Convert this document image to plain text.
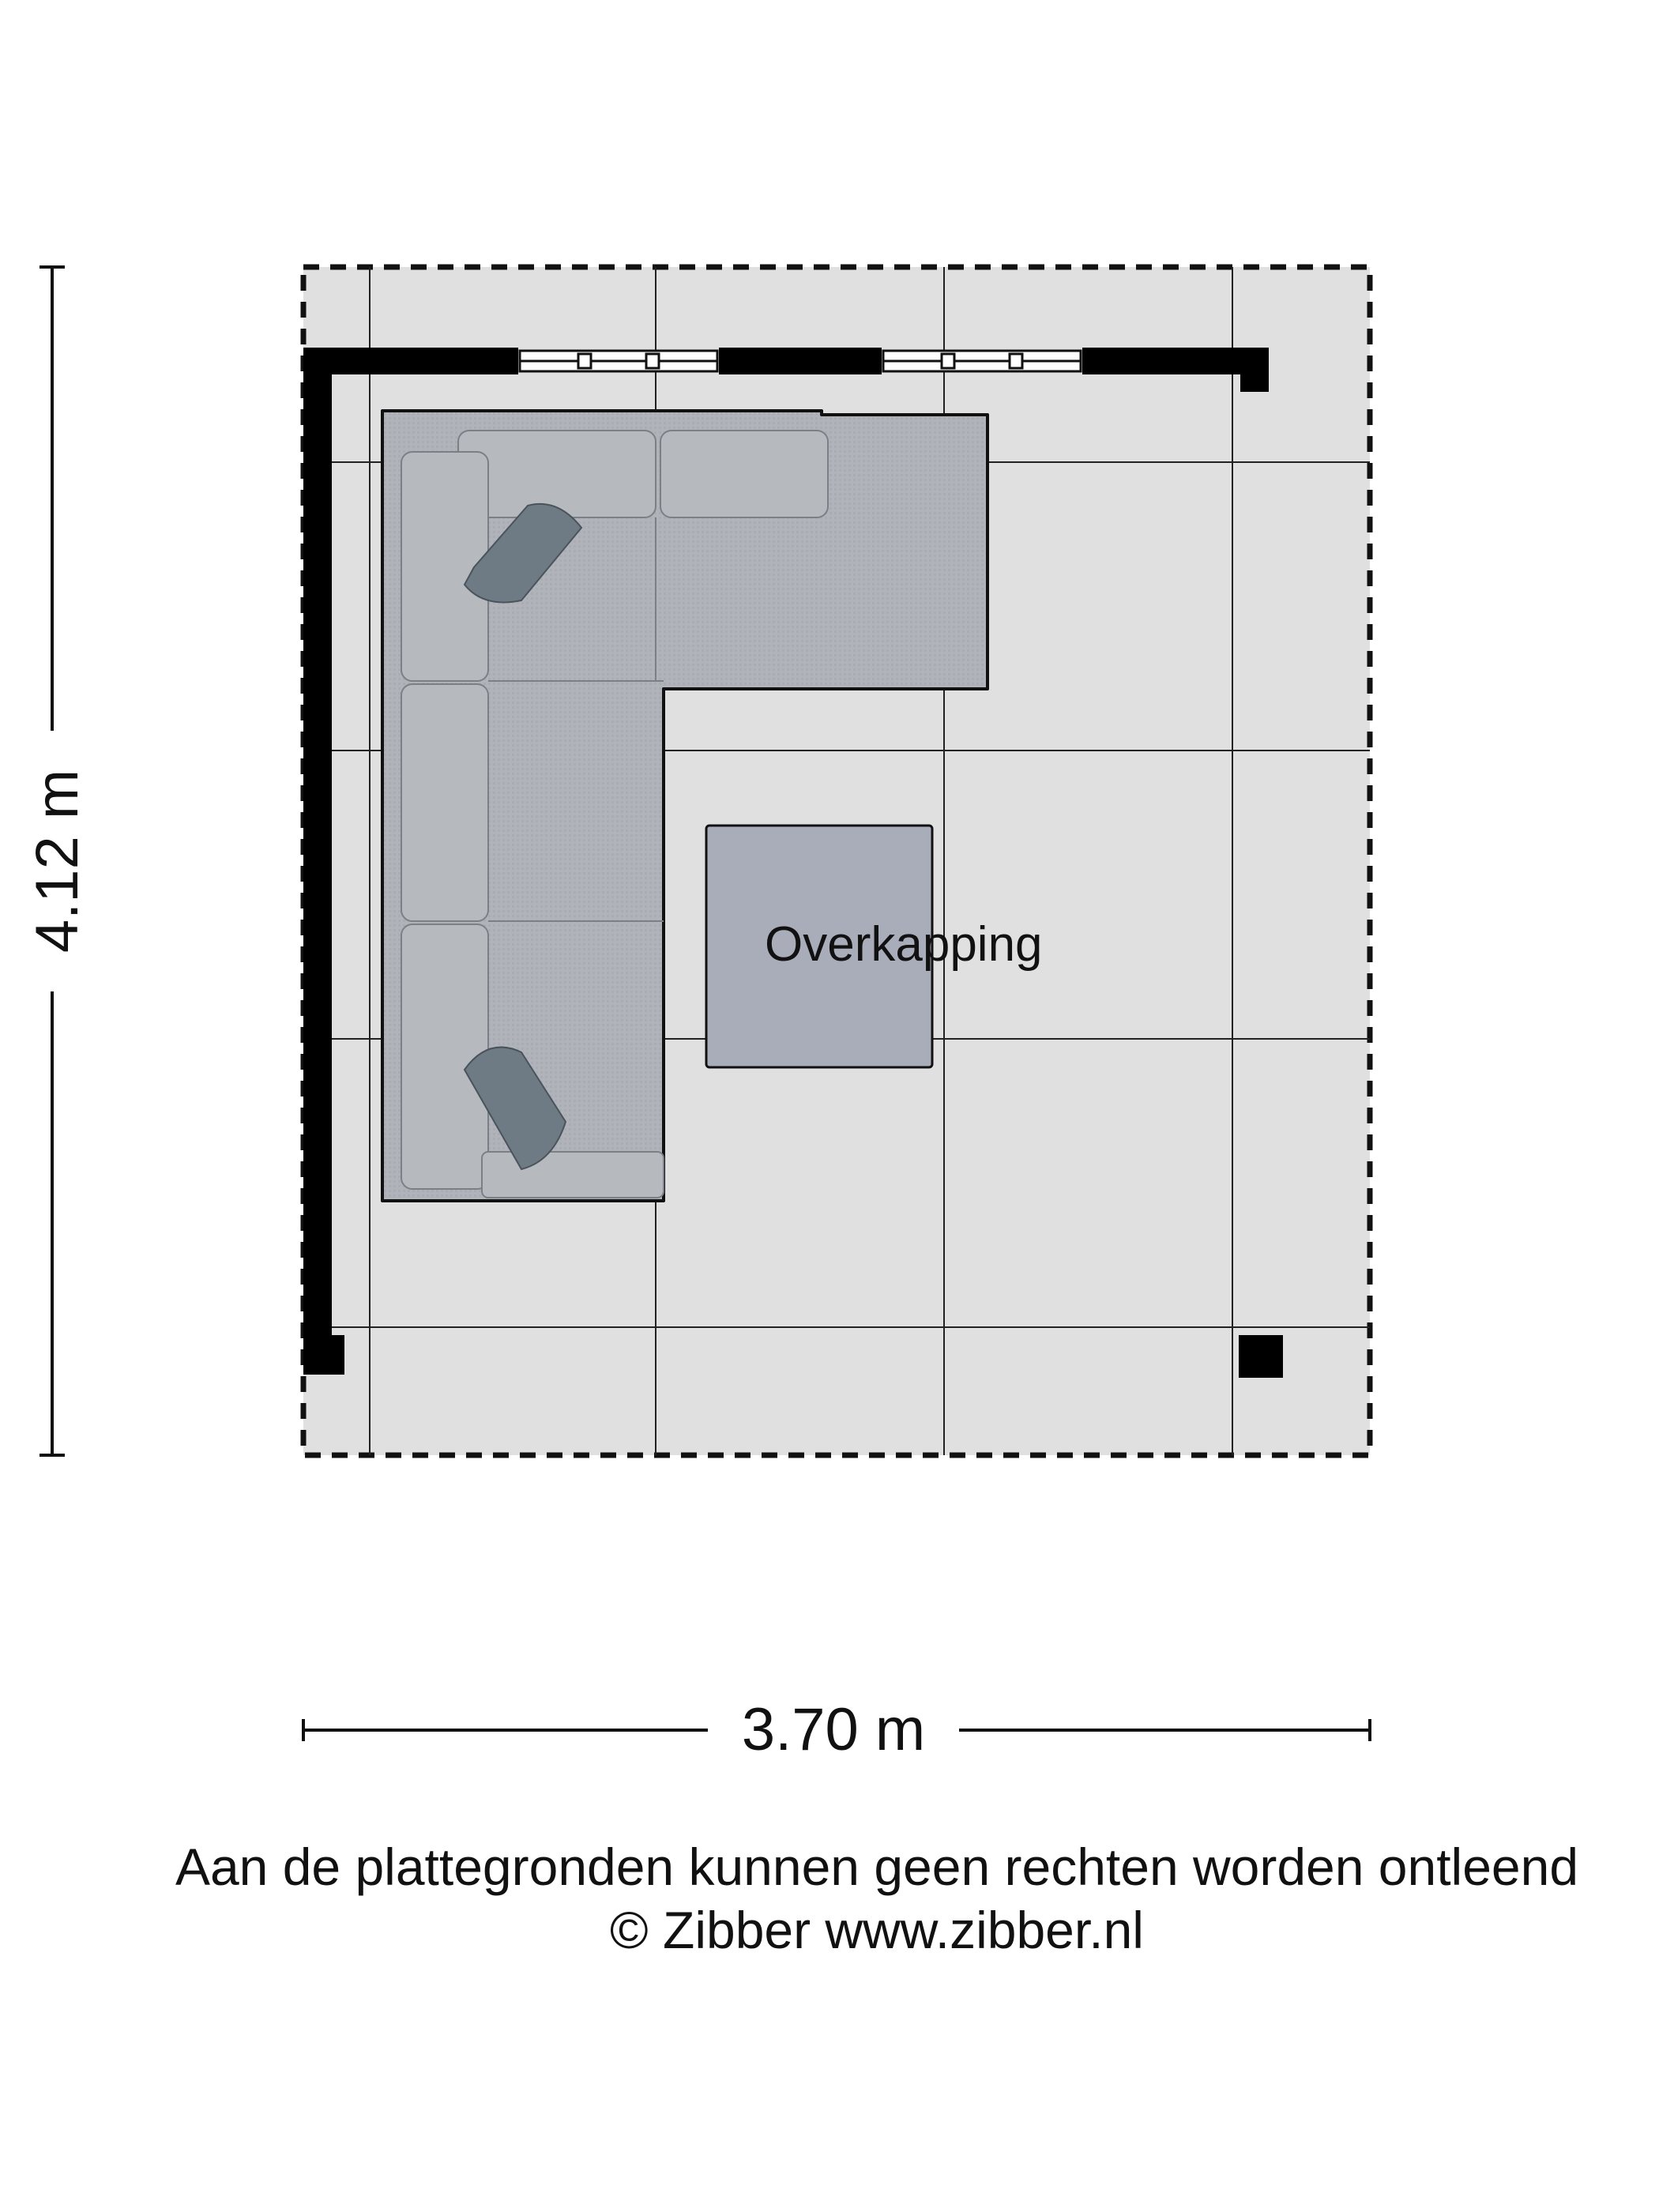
Overkapping
4.12 m
3.70 m
Aan de plattegronden kunnen geen rechten worden ontleend
© Zibber www.zibber.nl
